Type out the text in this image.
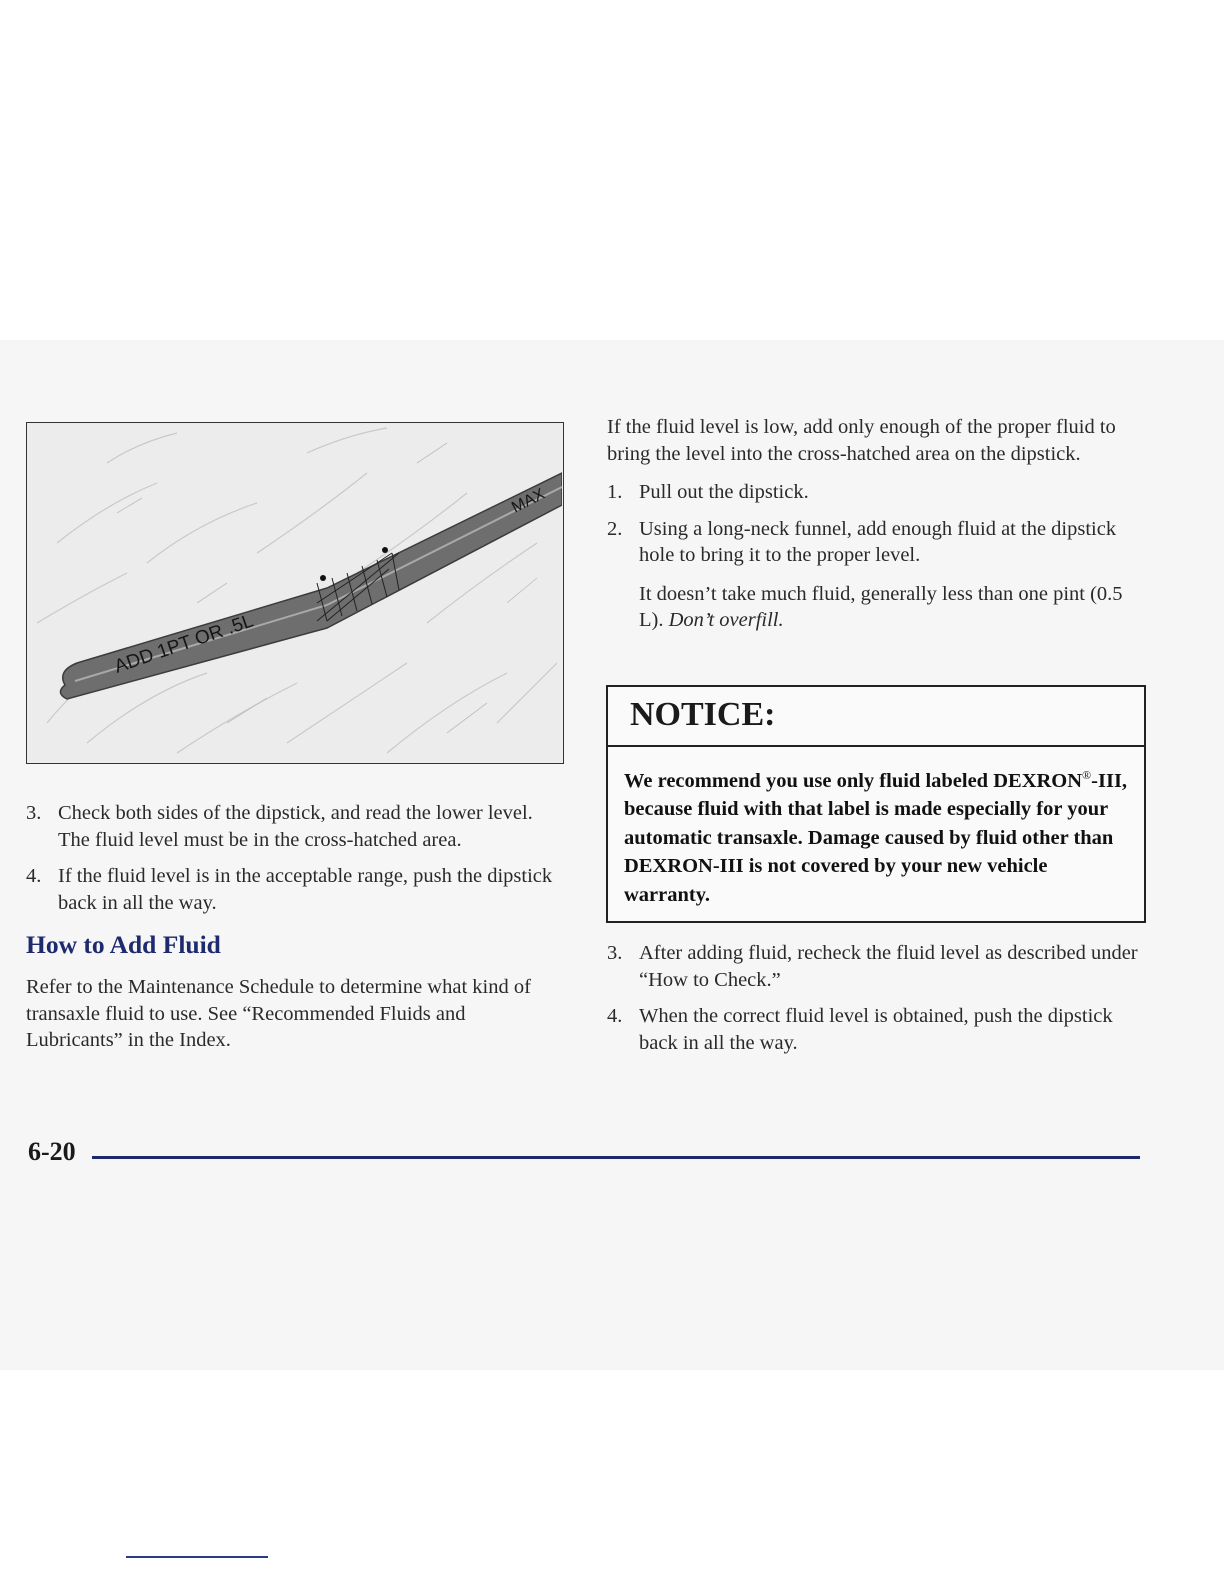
ADD 1PT OR .5L
MAX
3. Check both sides of the dipstick, and read the lower level. The fluid level must be in the cross-hatched area.

4. If the fluid level is in the acceptable range, push the dipstick back in all the way.

How to Add Fluid

Refer to the Maintenance Schedule to determine what kind of transaxle fluid to use. See “Recommended Fluids and Lubricants” in the Index.

If the fluid level is low, add only enough of the proper fluid to bring the level into the cross-hatched area on the dipstick.

1. Pull out the dipstick.

2. Using a long-neck funnel, add enough fluid at the dipstick hole to bring it to the proper level.

It doesn’t take much fluid, generally less than one pint (0.5 L). Don’t overfill.

NOTICE:
We recommend you use only fluid labeled DEXRON®-III, because fluid with that label is made especially for your automatic transaxle. Damage caused by fluid other than DEXRON-III is not covered by your new vehicle warranty.
3. After adding fluid, recheck the fluid level as described under “How to Check.”

4. When the correct fluid level is obtained, push the dipstick back in all the way.

6-20
